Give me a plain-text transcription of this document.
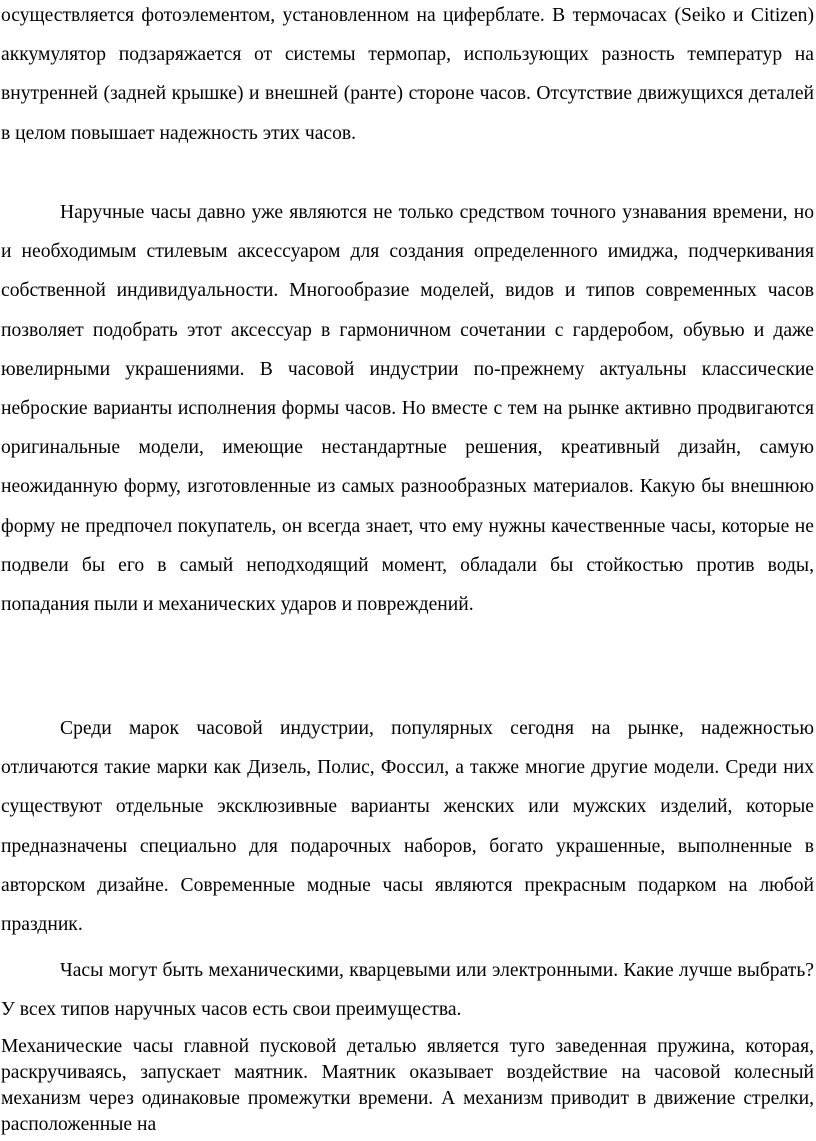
осуществляется фотоэлементом, установленном на циферблате. В термочасах (Seiko и Citizen) аккумулятор подзаряжается от системы термопар, использующих разность температур на внутренней (задней крышке) и внешней (ранте) стороне часов. Отсутствие движущихся деталей в целом повышает надежность этих часов.

Наручные часы давно уже являются не только средством точного узнавания времени, но и необходимым стилевым аксессуаром для создания определенного имиджа, подчеркивания собственной индивидуальности. Многообразие моделей, видов и типов современных часов позволяет подобрать этот аксессуар в гармоничном сочетании с гардеробом, обувью и даже ювелирными украшениями. В часовой индустрии по-прежнему актуальны классические неброские варианты исполнения формы часов. Но вместе с тем на рынке активно продвигаются оригинальные модели, имеющие нестандартные решения, креативный дизайн, самую неожиданную форму, изготовленные из самых разнообразных материалов. Какую бы внешнюю форму не предпочел покупатель, он всегда знает, что ему нужны качественные часы, которые не подвели бы его в самый неподходящий момент, обладали бы стойкостью против воды, попадания пыли и механических ударов и повреждений.

Среди марок часовой индустрии, популярных сегодня на рынке, надежностью отличаются такие марки как Дизель, Полис, Фоссил, а также многие другие модели. Среди них существуют отдельные эксклюзивные варианты женских или мужских изделий, которые предназначены специально для подарочных наборов, богато украшенные, выполненные в авторском дизайне. Современные модные часы являются прекрасным подарком на любой праздник.

Часы могут быть механическими, кварцевыми или электронными. Какие лучше выбрать? У всех типов наручных часов есть свои преимущества.

Механические часы главной пусковой деталью является туго заведенная пружина, которая, раскручиваясь, запускает маятник. Маятник оказывает воздействие на часовой колесный механизм через одинаковые промежутки времени. А механизм приводит в движение стрелки, расположенные на
